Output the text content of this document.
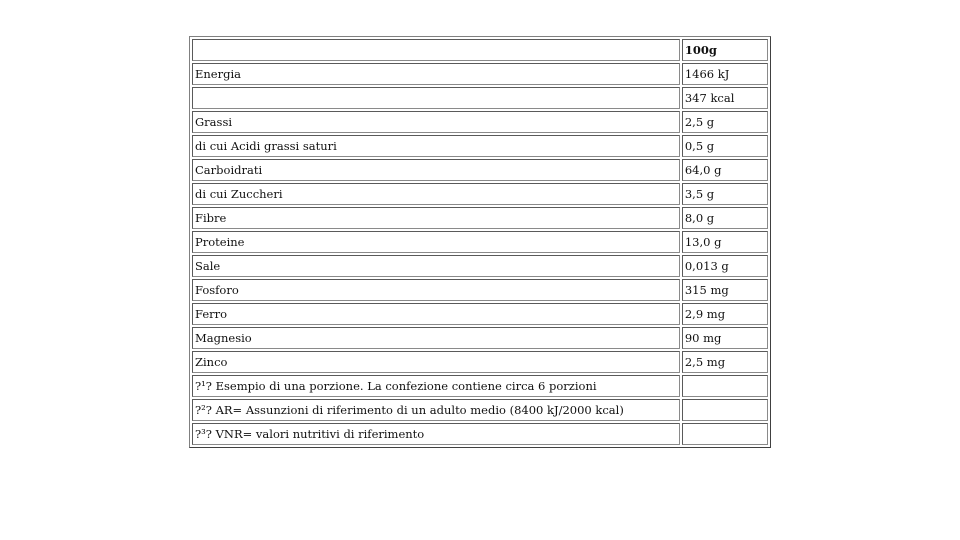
	100g
Energia	1466 kJ
	347 kcal
Grassi	2,5 g
di cui Acidi grassi saturi	0,5 g
Carboidrati	64,0 g
di cui Zuccheri	3,5 g
Fibre	8,0 g
Proteine	13,0 g
Sale	0,013 g
Fosforo	315 mg
Ferro	2,9 mg
Magnesio	90 mg
Zinco	2,5 mg
?¹? Esempio di una porzione. La confezione contiene circa 6 porzioni	
?²? AR= Assunzioni di riferimento di un adulto medio (8400 kJ/2000 kcal)	
?³? VNR= valori nutritivi di riferimento	
